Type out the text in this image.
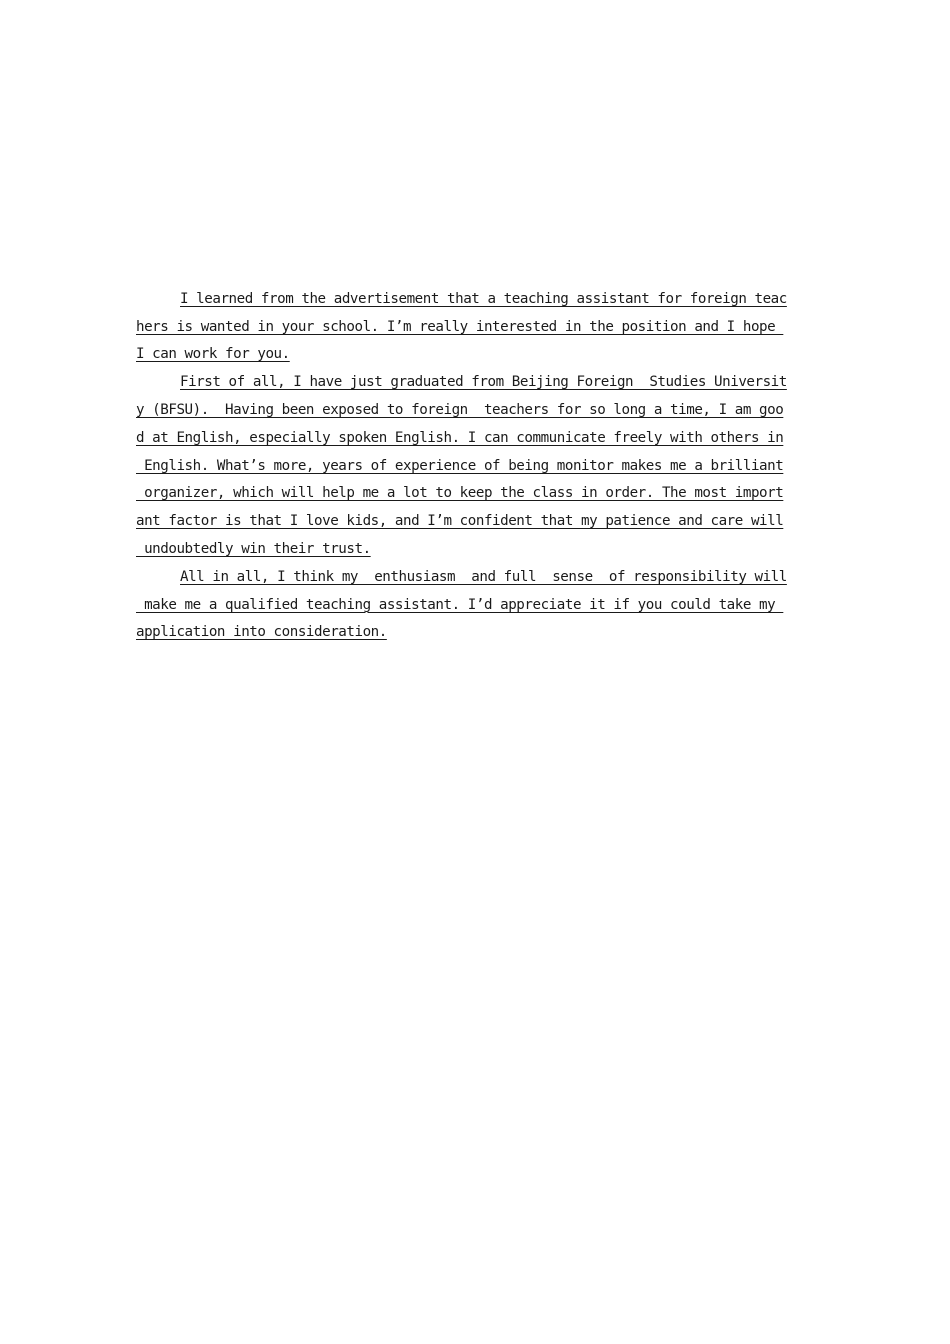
I learned from the advertisement that a teaching assistant for foreign teac
hers is wanted in your school. I’m really interested in the position and I hope
I can work for you.
First of all, I have just graduated from Beijing Foreign  Studies Universit
y (BFSU).  Having been exposed to foreign  teachers for so long a time, I am goo
d at English, especially spoken English. I can communicate freely with others in
English. What’s more, years of experience of being monitor makes me a brilliant
organizer, which will help me a lot to keep the class in order. The most import
ant factor is that I love kids, and I’m confident that my patience and care will
undoubtedly win their trust.
All in all, I think my  enthusiasm  and full  sense  of responsibility will
make me a qualified teaching assistant. I’d appreciate it if you could take my
application into consideration.
